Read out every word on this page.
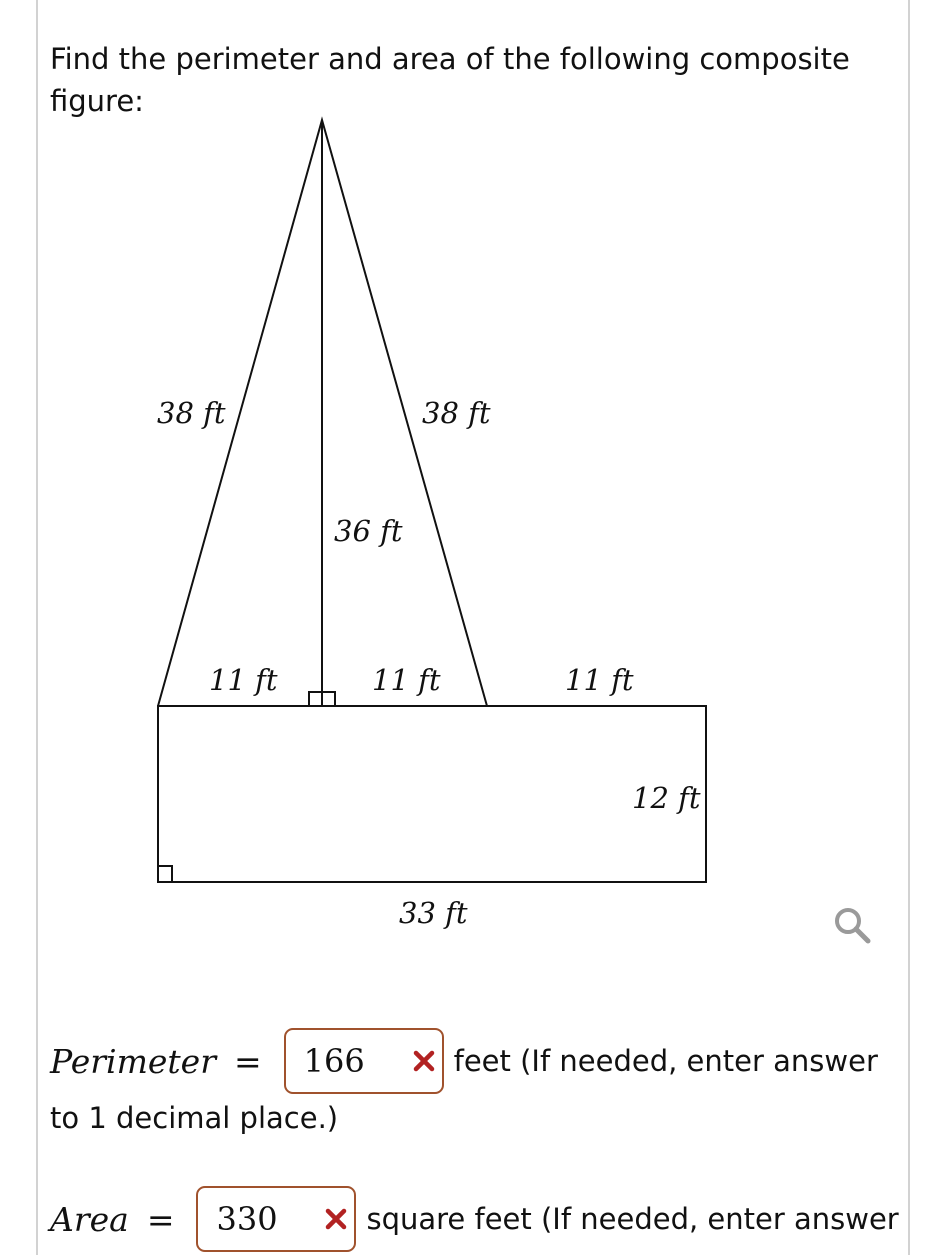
Find the perimeter and area of the following composite figure:
38 ft	38 ft
36 ft
11 ft	11 ft	11 ft
12 ft
33 ft
Perimeter = 166	feet (If needed, enter answer
to 1 decimal place.)
Area = 330	square feet (If needed, enter answer
